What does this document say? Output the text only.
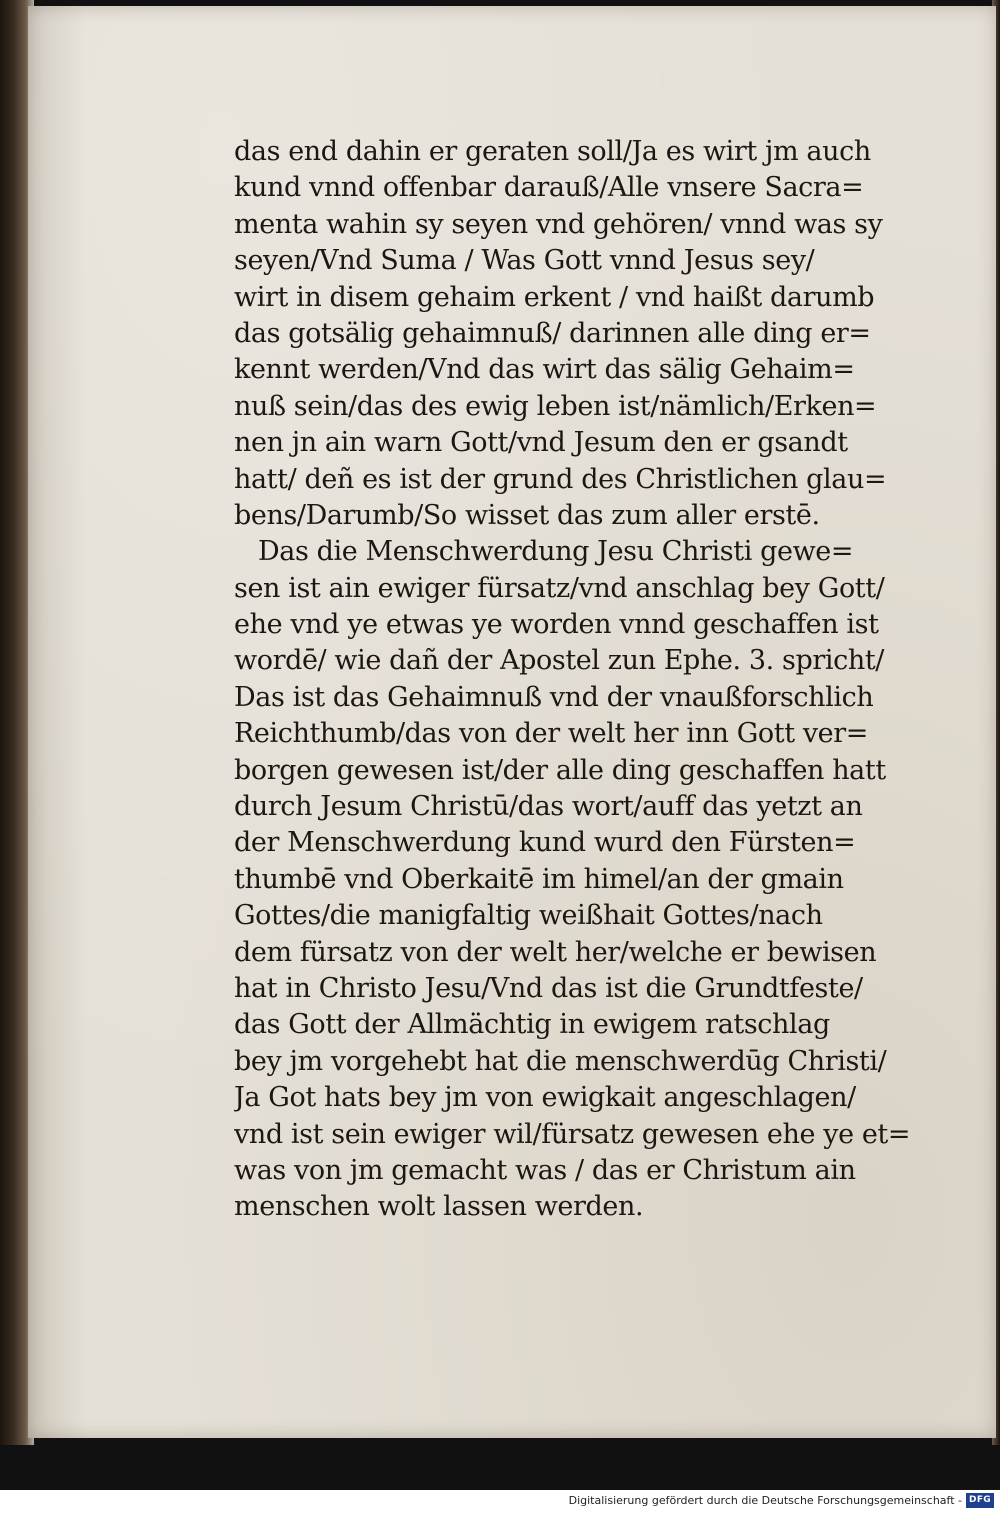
das end dahin er geraten soll/Ja es wirt jm auch
kund vnnd offenbar darauß/Alle vnsere Sacra=
menta wahin sy seyen vnd gehören/ vnnd was sy
seyen/Vnd Suma / Was Gott vnnd Jesus sey/
wirt in disem gehaim erkent / vnd haißt darumb
das gotsälig gehaimnuß/ darinnen alle ding er=
kennt werden/Vnd das wirt das sälig Gehaim=
nuß sein/das des ewig leben ist/nämlich/Erken=
nen jn ain warn Gott/vnd Jesum den er gsandt
hatt/ deñ es ist der grund des Christlichen glau=
bens/Darumb/So wisset das zum aller erstē.
Das die Menschwerdung Jesu Christi gewe=
sen ist ain ewiger fürsatz/vnd anschlag bey Gott/
ehe vnd ye etwas ye worden vnnd geschaffen ist
wordē/ wie dañ der Apostel zun Ephe. 3. spricht/
Das ist das Gehaimnuß vnd der vnaußforschlich
Reichthumb/das von der welt her inn Gott ver=
borgen gewesen ist/der alle ding geschaffen hatt
durch Jesum Christū/das wort/auff das yetzt an
der Menschwerdung kund wurd den Fürsten=
thumbē vnd Oberkaitē im himel/an der gmain
Gottes/die manigfaltig weißhait Gottes/nach
dem fürsatz von der welt her/welche er bewisen
hat in Christo Jesu/Vnd das ist die Grundtfeste/
das Gott der Allmächtig in ewigem ratschlag
bey jm vorgehebt hat die menschwerdūg Christi/
Ja Got hats bey jm von ewigkait angeschlagen/
vnd ist sein ewiger wil/fürsatz gewesen ehe ye et=
was von jm gemacht was / das er Christum ain
menschen wolt lassen werden.
Digitalisierung gefördert durch die Deutsche Forschungsgemeinschaft - DFG
